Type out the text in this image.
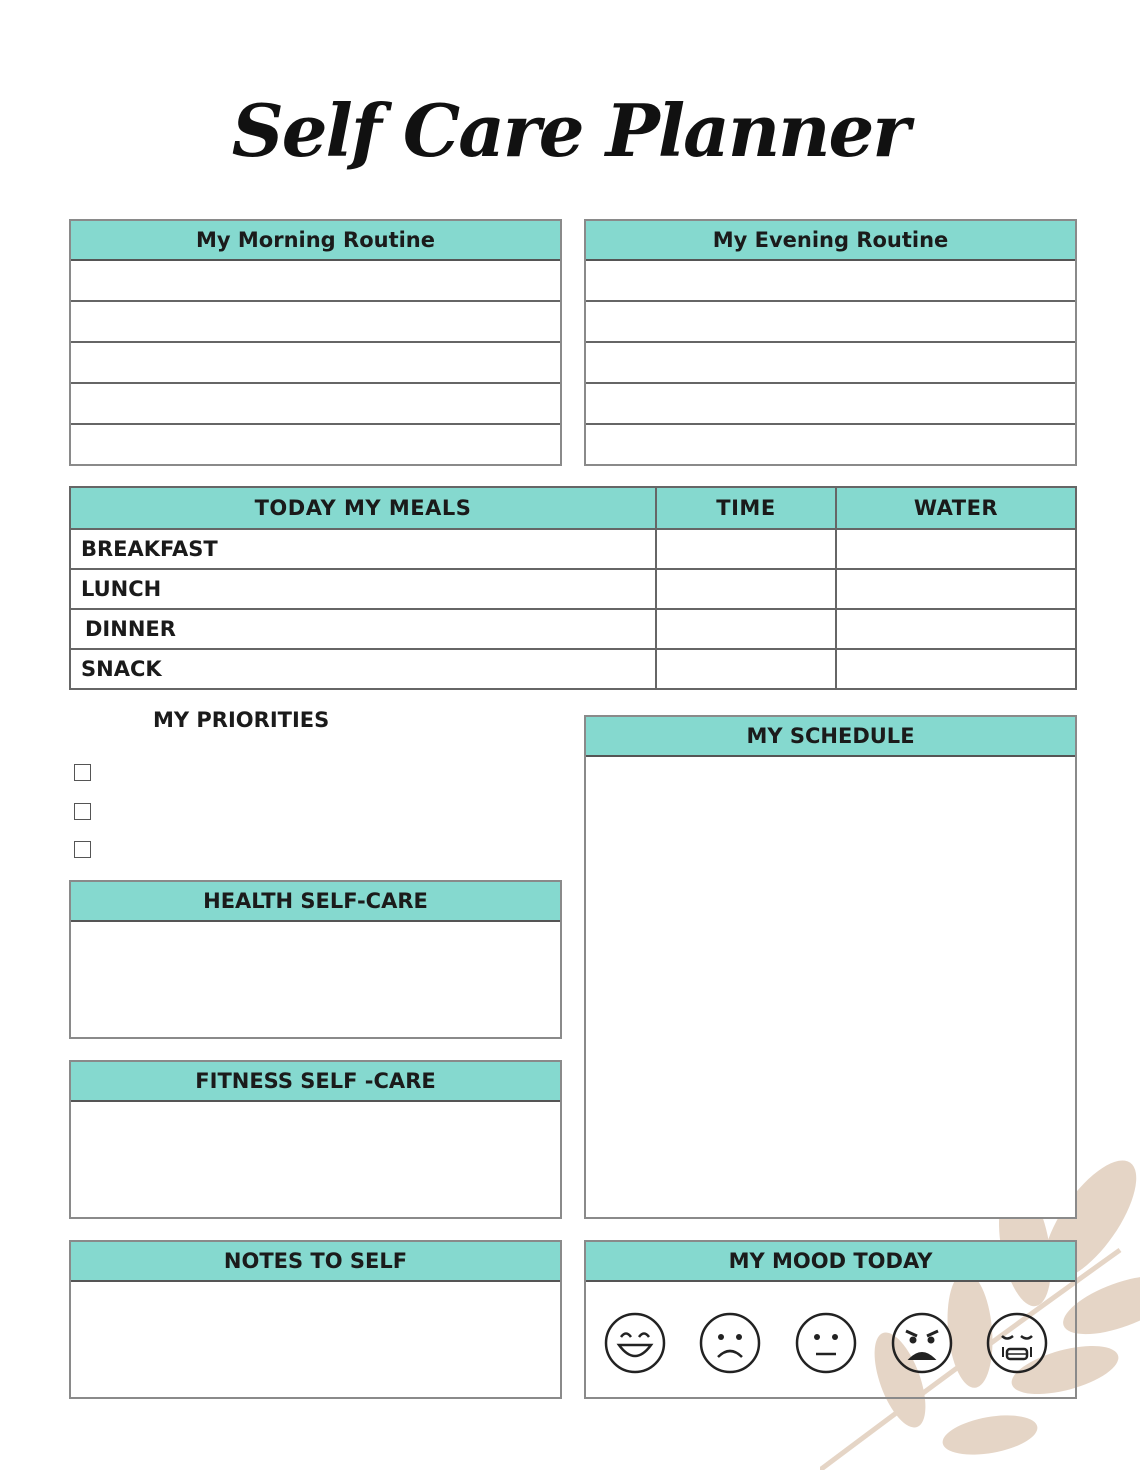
Self Care Planner
My Morning Routine	My Evening Routine
TODAY MY MEALS	TIME	WATER
BREAKFAST		
LUNCH		
DINNER		
SNACK		
MY PRIORITIES
MY SCHEDULE
HEALTH SELF-CARE
FITNESS SELF -CARE
NOTES TO SELF	MY MOOD TODAY
